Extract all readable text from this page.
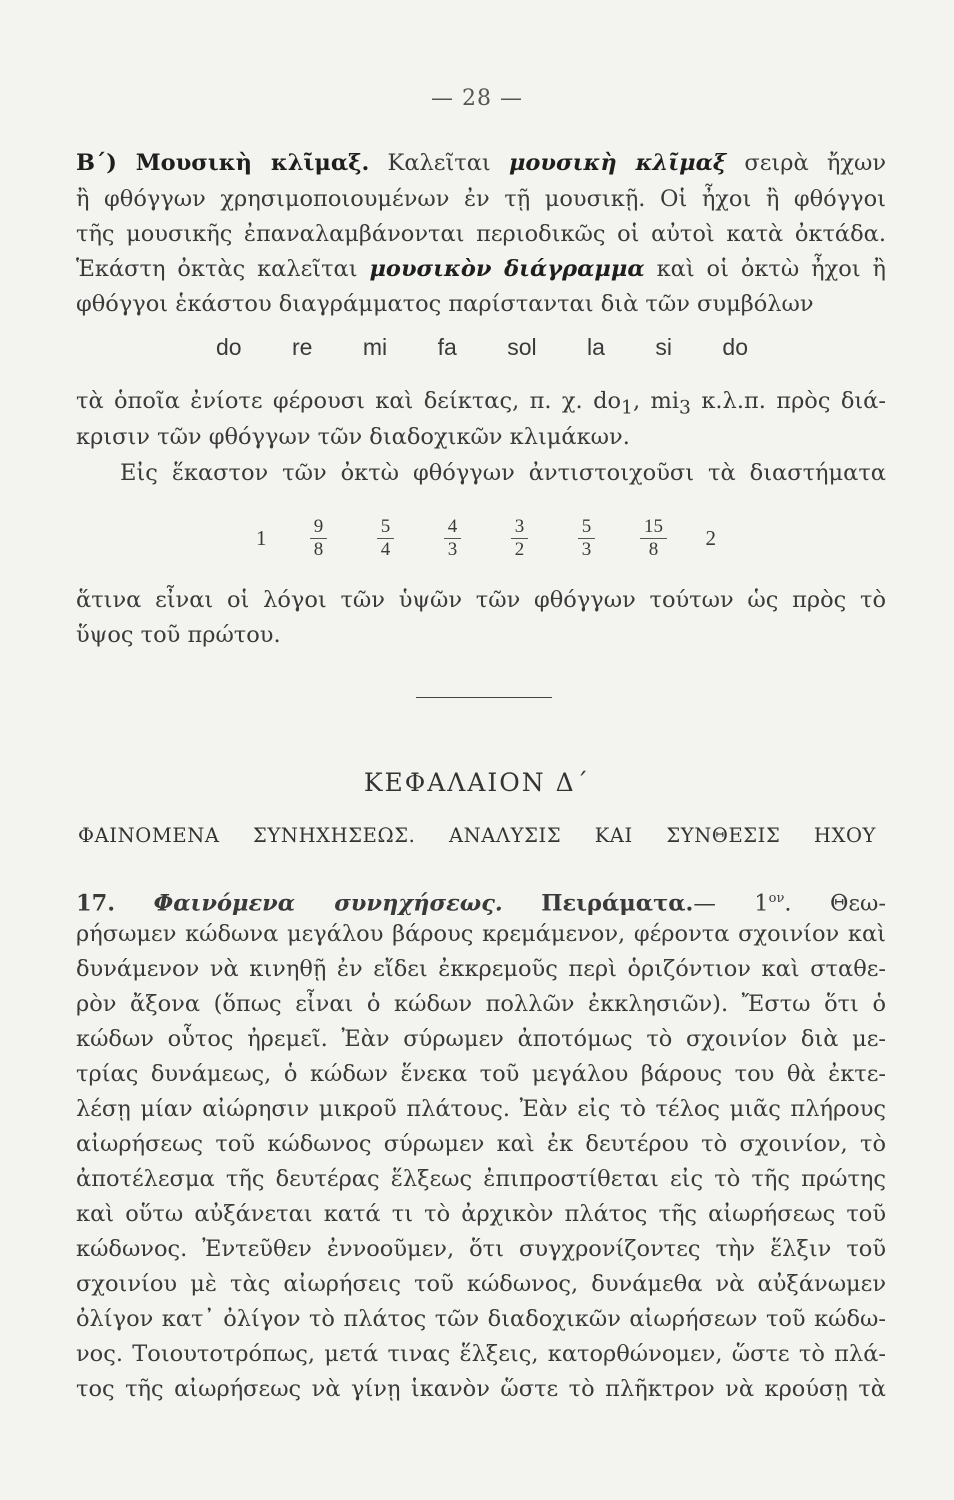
— 28 —
Β΄) Μουσικὴ κλῖμαξ. Καλεῖται μουσικὴ κλῖμαξ σειρὰ ἤχων
ἢ φθόγγων χρησιμοποιουμένων ἐν τῇ μουσικῇ. Οἱ ἦχοι ἢ φθόγγοι
τῆς μουσικῆς ἐπαναλαμβάνονται περιοδικῶς οἱ αὐτοὶ κατὰ ὀκτάδα.
Ἑκάστη ὀκτὰς καλεῖται μουσικὸν διάγραμμα καὶ οἱ ὀκτὼ ἦχοι ἢ
φθόγγοι ἑκάστου διαγράμματος παρίστανται διὰ τῶν συμβόλων
do re mi fa sol la si do
τὰ ὁποῖα ἐνίοτε φέρουσι καὶ δείκτας, π. χ. $do_1$, $mi_3$ κ.λ.π. πρὸς διά-
κρισιν τῶν φθόγγων τῶν διαδοχικῶν κλιμάκων.
Εἰς ἕκαστον τῶν ὀκτὼ φθόγγων ἀντιστοιχοῦσι τὰ διαστήματα
$1 \frac{9}{8} \frac{5}{4} \frac{4}{3} \frac{3}{2} \frac{5}{3} \frac{15}{8} 2$
ἅτινα εἶναι οἱ λόγοι τῶν ὑψῶν τῶν φθόγγων τούτων ὡς πρὸς τὸ
ὕψος τοῦ πρώτου.
ΚΕΦΑΛΑΙΟΝ Δ΄
ΦΑΙΝΟΜΕΝΑ ΣΥΝΗΧΗΣΕΩΣ. ΑΝΑΛΥΣΙΣ ΚΑΙ ΣΥΝΘΕΣΙΣ ΗΧΟΥ
17. Φαινόμενα συνηχήσεως. Πειράματα.— $1^{o\nu}$. Θεω-
ρήσωμεν κώδωνα μεγάλου βάρους κρεμάμενον, φέροντα σχοινίον καὶ
δυνάμενον νὰ κινηθῇ ἐν εἴδει ἐκκρεμοῦς περὶ ὁριζόντιον καὶ σταθε-
ρὸν ἄξονα (ὅπως εἶναι ὁ κώδων πολλῶν ἐκκλησιῶν). Ἔστω ὅτι ὁ
κώδων οὗτος ἠρεμεῖ. Ἐὰν σύρωμεν ἀποτόμως τὸ σχοινίον διὰ με-
τρίας δυνάμεως, ὁ κώδων ἕνεκα τοῦ μεγάλου βάρους του θὰ ἐκτε-
λέσῃ μίαν αἰώρησιν μικροῦ πλάτους. Ἐὰν εἰς τὸ τέλος μιᾶς πλήρους
αἰωρήσεως τοῦ κώδωνος σύρωμεν καὶ ἐκ δευτέρου τὸ σχοινίον, τὸ
ἀποτέλεσμα τῆς δευτέρας ἕλξεως ἐπιπροστίθεται εἰς τὸ τῆς πρώτης
καὶ οὕτω αὐξάνεται κατά τι τὸ ἀρχικὸν πλάτος τῆς αἰωρήσεως τοῦ
κώδωνος. Ἐντεῦθεν ἐννοοῦμεν, ὅτι συγχρονίζοντες τὴν ἕλξιν τοῦ
σχοινίου μὲ τὰς αἰωρήσεις τοῦ κώδωνος, δυνάμεθα νὰ αὐξάνωμεν
ὀλίγον κατ᾽ ὀλίγον τὸ πλάτος τῶν διαδοχικῶν αἰωρήσεων τοῦ κώδω-
νος. Τοιουτοτρόπως, μετά τινας ἕλξεις, κατορθώνομεν, ὥστε τὸ πλά-
τος τῆς αἰωρήσεως νὰ γίνῃ ἱκανὸν ὥστε τὸ πλῆκτρον νὰ κρούσῃ τὰ
